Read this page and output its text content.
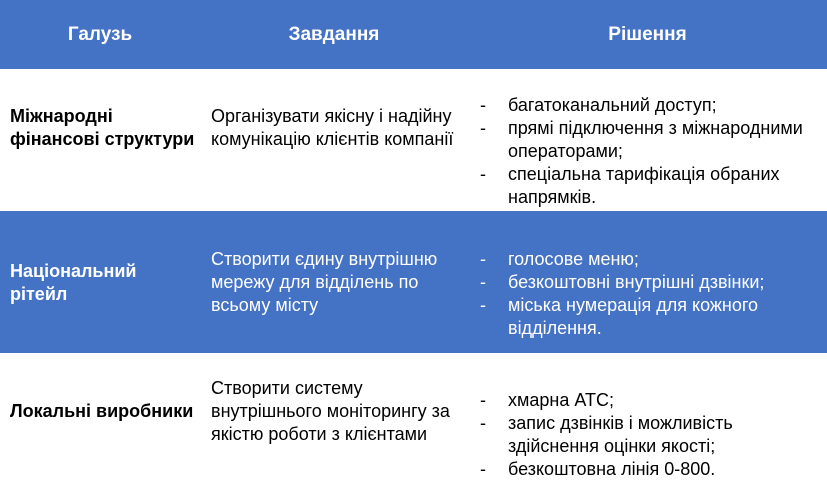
Галузь	Завдання	Рішення
Міжнародні фінансові структури
Організувати якісну і надійну комунікацію клієнтів компанії
- багатоканальний доступ;
- прямі підключення з міжнародними операторами;
- спеціальна тарифікація обраних напрямків.
Національний рітейл
Створити єдину внутрішню мережу для відділень по всьому місту
- голосове меню;
- безкоштовні внутрішні дзвінки;
- міська нумерація для кожного відділення.
Локальні виробники
Створити систему внутрішнього моніторингу за якістю роботи з клієнтами
- хмарна АТС;
- запис дзвінків і можливість здійснення оцінки якості;
- безкоштовна лінія 0-800.
